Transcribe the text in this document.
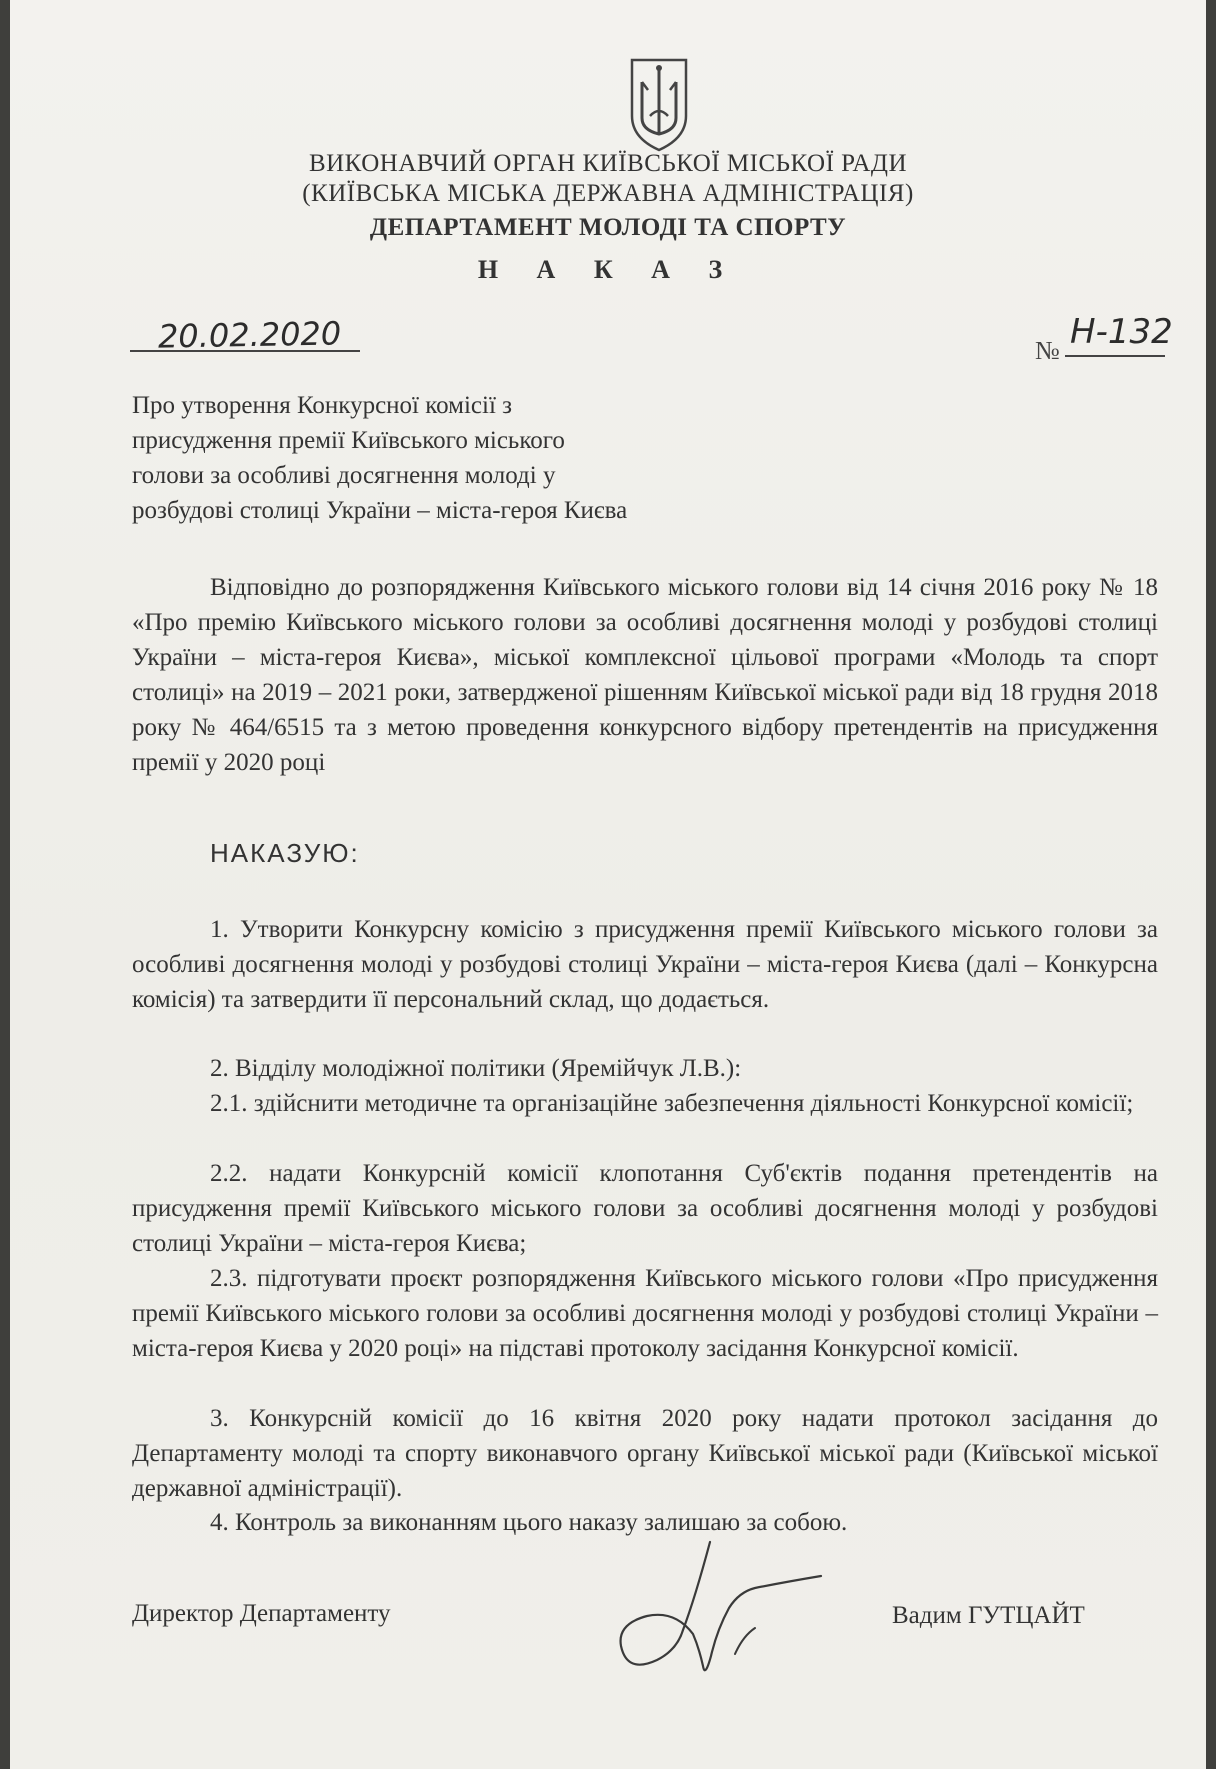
ВИКОНАВЧИЙ ОРГАН КИЇВСЬКОЇ МІСЬКОЇ РАДИ
(КИЇВСЬКА МІСЬКА ДЕРЖАВНА АДМІНІСТРАЦІЯ)
ДЕПАРТАМЕНТ МОЛОДІ ТА СПОРТУ
Н А К А З
20.02.2020	№ Н-132
Про утворення Конкурсної комісії з
присудження премії Київського міського
голови за особливі досягнення молоді у
розбудові столиці України – міста-героя Києва
Відповідно до розпорядження Київського міського голови від 14 січня 2016 року № 18 «Про премію Київського міського голови за особливі досягнення молоді у розбудові столиці України – міста-героя Києва», міської комплексної цільової програми «Молодь та спорт столиці» на 2019 – 2021 роки, затвердженої рішенням Київської міської ради від 18 грудня 2018 року № 464/6515 та з метою проведення конкурсного відбору претендентів на присудження премії у 2020 році
НАКАЗУЮ:
1. Утворити Конкурсну комісію з присудження премії Київського міського голови за особливі досягнення молоді у розбудові столиці України – міста-героя Києва (далі – Конкурсна комісія) та затвердити її персональний склад, що додається.
2. Відділу молодіжної політики (Яремійчук Л.В.):
2.1. здійснити методичне та організаційне забезпечення діяльності Конкурсної комісії;
2.2. надати Конкурсній комісії клопотання Суб'єктів подання претендентів на присудження премії Київського міського голови за особливі досягнення молоді у розбудові столиці України – міста-героя Києва;
2.3. підготувати проєкт розпорядження Київського міського голови «Про присудження премії Київського міського голови за особливі досягнення молоді у розбудові столиці України – міста-героя Києва у 2020 році» на підставі протоколу засідання Конкурсної комісії.
3. Конкурсній комісії до 16 квітня 2020 року надати протокол засідання до Департаменту молоді та спорту виконавчого органу Київської міської ради (Київської міської державної адміністрації).
4. Контроль за виконанням цього наказу залишаю за собою.
Директор Департаменту	Вадим ГУТЦАЙТ
